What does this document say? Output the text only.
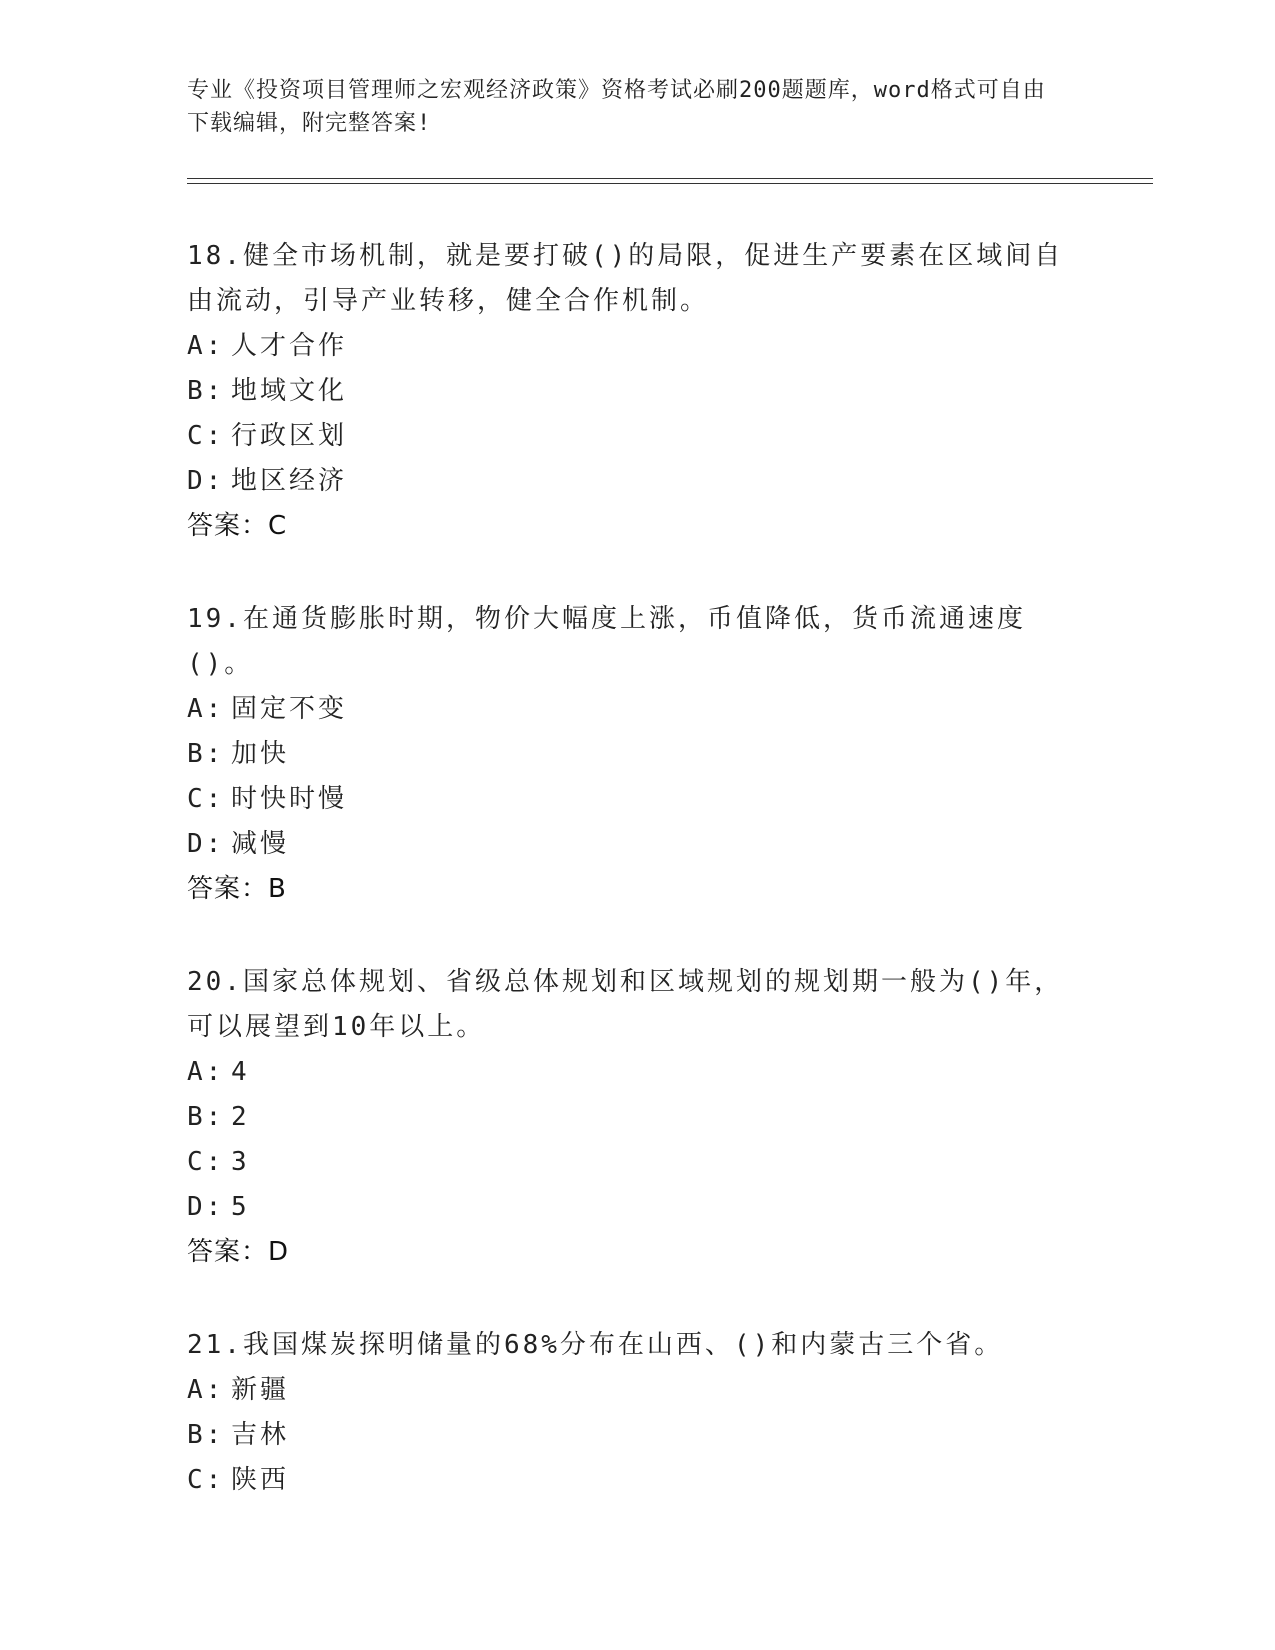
专业《投资项目管理师之宏观经济政策》资格考试必刷200题题库，word格式可自由下载编辑，附完整答案!
18.健全市场机制，就是要打破()的局限，促进生产要素在区域间自由流动，引导产业转移，健全合作机制。
A: 人才合作
B: 地域文化
C: 行政区划
D: 地区经济
答案：C
19.在通货膨胀时期，物价大幅度上涨，币值降低，货币流通速度()。
A: 固定不变
B: 加快
C: 时快时慢
D: 减慢
答案：B
20.国家总体规划、省级总体规划和区域规划的规划期一般为()年，可以展望到10年以上。
A: 4
B: 2
C: 3
D: 5
答案：D
21.我国煤炭探明储量的68%分布在山西、()和内蒙古三个省。
A: 新疆
B: 吉林
C: 陕西
